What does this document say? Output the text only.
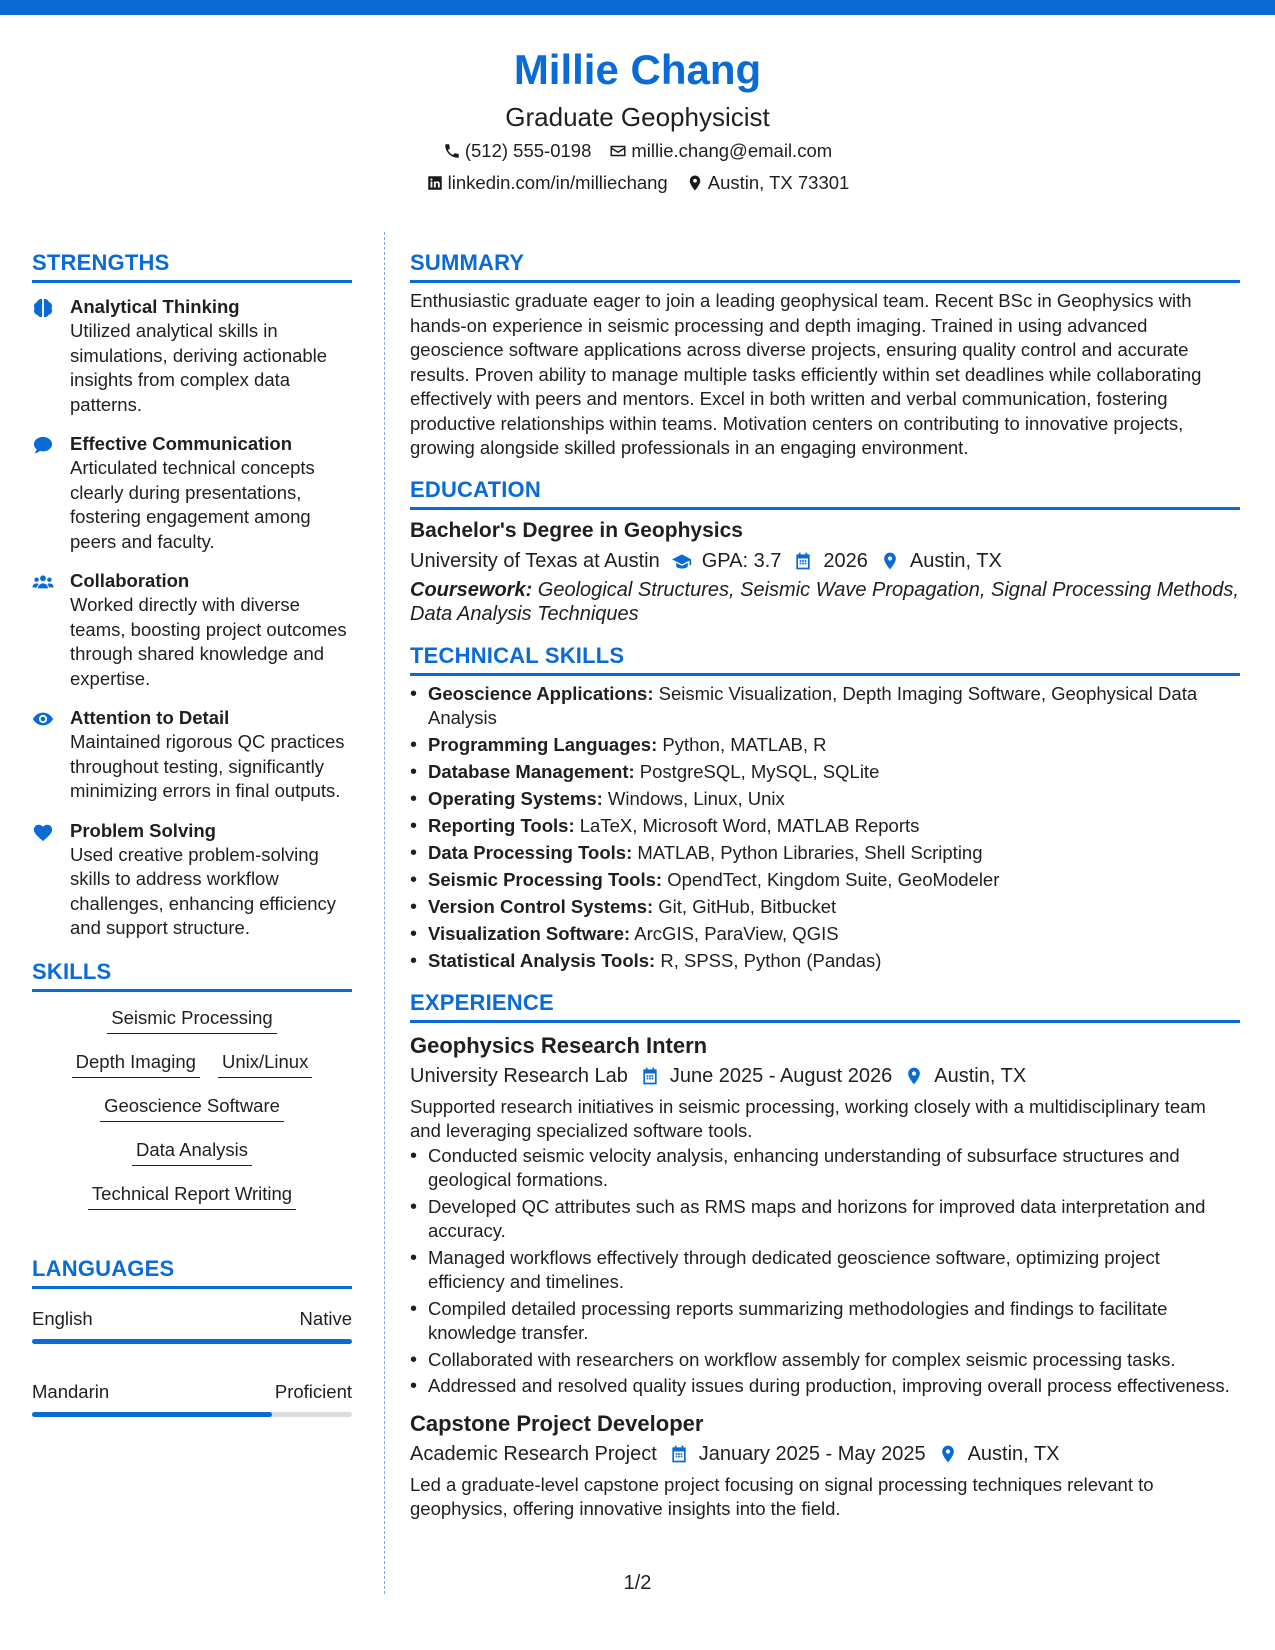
Millie Chang
Graduate Geophysicist
(512) 555-0198 millie.chang@email.com
linkedin.com/in/milliechang Austin, TX 73301
STRENGTHS
Analytical Thinking
Utilized analytical skills in simulations, deriving actionable insights from complex data patterns.
Effective Communication
Articulated technical concepts clearly during presentations, fostering engagement among peers and faculty.
Collaboration
Worked directly with diverse teams, boosting project outcomes through shared knowledge and expertise.
Attention to Detail
Maintained rigorous QC practices throughout testing, significantly minimizing errors in final outputs.
Problem Solving
Used creative problem-solving skills to address workflow challenges, enhancing efficiency and support structure.
SKILLS
Seismic Processing
Depth Imaging Unix/Linux
Geoscience Software
Data Analysis
Technical Report Writing
LANGUAGES
English	Native
Mandarin	Proficient
SUMMARY
Enthusiastic graduate eager to join a leading geophysical team. Recent BSc in Geophysics with hands-on experience in seismic processing and depth imaging. Trained in using advanced geoscience software applications across diverse projects, ensuring quality control and accurate results. Proven ability to manage multiple tasks efficiently within set deadlines while collaborating effectively with peers and mentors. Excel in both written and verbal communication, fostering productive relationships within teams. Motivation centers on contributing to innovative projects, growing alongside skilled professionals in an engaging environment.
EDUCATION
Bachelor's Degree in Geophysics
University of Texas at Austin GPA: 3.7 2026 Austin, TX
Coursework: Geological Structures, Seismic Wave Propagation, Signal Processing Methods, Data Analysis Techniques
TECHNICAL SKILLS
• Geoscience Applications: Seismic Visualization, Depth Imaging Software, Geophysical Data Analysis
• Programming Languages: Python, MATLAB, R
• Database Management: PostgreSQL, MySQL, SQLite
• Operating Systems: Windows, Linux, Unix
• Reporting Tools: LaTeX, Microsoft Word, MATLAB Reports
• Data Processing Tools: MATLAB, Python Libraries, Shell Scripting
• Seismic Processing Tools: OpendTect, Kingdom Suite, GeoModeler
• Version Control Systems: Git, GitHub, Bitbucket
• Visualization Software: ArcGIS, ParaView, QGIS
• Statistical Analysis Tools: R, SPSS, Python (Pandas)
EXPERIENCE
Geophysics Research Intern
University Research Lab June 2025 - August 2026 Austin, TX
Supported research initiatives in seismic processing, working closely with a multidisciplinary team and leveraging specialized software tools.
• Conducted seismic velocity analysis, enhancing understanding of subsurface structures and geological formations.
• Developed QC attributes such as RMS maps and horizons for improved data interpretation and accuracy.
• Managed workflows effectively through dedicated geoscience software, optimizing project efficiency and timelines.
• Compiled detailed processing reports summarizing methodologies and findings to facilitate knowledge transfer.
• Collaborated with researchers on workflow assembly for complex seismic processing tasks.
• Addressed and resolved quality issues during production, improving overall process effectiveness.
Capstone Project Developer
Academic Research Project January 2025 - May 2025 Austin, TX
Led a graduate-level capstone project focusing on signal processing techniques relevant to geophysics, offering innovative insights into the field.
1/2
